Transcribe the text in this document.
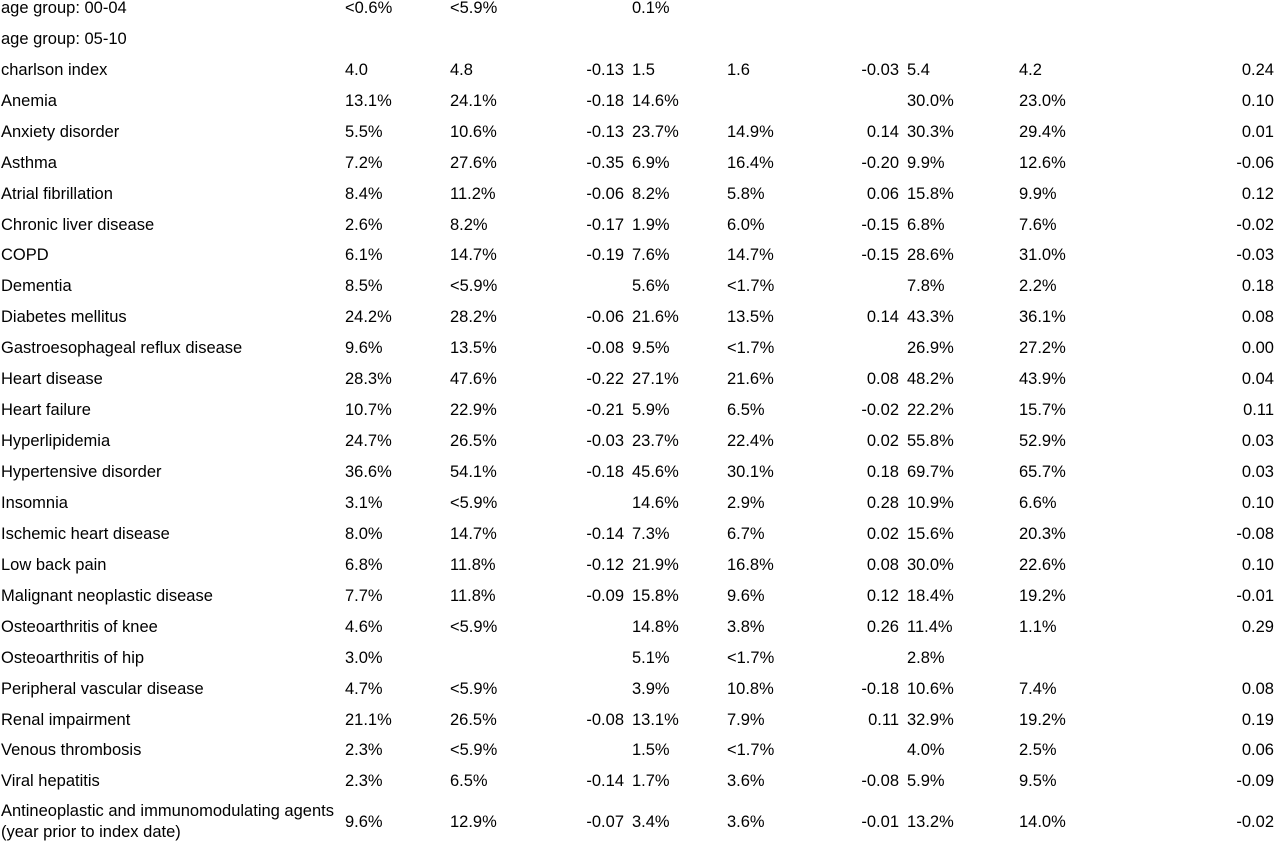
age group: 00-04	<0.6%	<5.9%		0.1%					
age group: 05-10									
charlson index	4.0	4.8	-0.13	1.5	1.6	-0.03	5.4	4.2	0.24
Anemia	13.1%	24.1%	-0.18	14.6%			30.0%	23.0%	0.10
Anxiety disorder	5.5%	10.6%	-0.13	23.7%	14.9%	0.14	30.3%	29.4%	0.01
Asthma	7.2%	27.6%	-0.35	6.9%	16.4%	-0.20	9.9%	12.6%	-0.06
Atrial fibrillation	8.4%	11.2%	-0.06	8.2%	5.8%	0.06	15.8%	9.9%	0.12
Chronic liver disease	2.6%	8.2%	-0.17	1.9%	6.0%	-0.15	6.8%	7.6%	-0.02
COPD	6.1%	14.7%	-0.19	7.6%	14.7%	-0.15	28.6%	31.0%	-0.03
Dementia	8.5%	<5.9%		5.6%	<1.7%		7.8%	2.2%	0.18
Diabetes mellitus	24.2%	28.2%	-0.06	21.6%	13.5%	0.14	43.3%	36.1%	0.08
Gastroesophageal reflux disease	9.6%	13.5%	-0.08	9.5%	<1.7%		26.9%	27.2%	0.00
Heart disease	28.3%	47.6%	-0.22	27.1%	21.6%	0.08	48.2%	43.9%	0.04
Heart failure	10.7%	22.9%	-0.21	5.9%	6.5%	-0.02	22.2%	15.7%	0.11
Hyperlipidemia	24.7%	26.5%	-0.03	23.7%	22.4%	0.02	55.8%	52.9%	0.03
Hypertensive disorder	36.6%	54.1%	-0.18	45.6%	30.1%	0.18	69.7%	65.7%	0.03
Insomnia	3.1%	<5.9%		14.6%	2.9%	0.28	10.9%	6.6%	0.10
Ischemic heart disease	8.0%	14.7%	-0.14	7.3%	6.7%	0.02	15.6%	20.3%	-0.08
Low back pain	6.8%	11.8%	-0.12	21.9%	16.8%	0.08	30.0%	22.6%	0.10
Malignant neoplastic disease	7.7%	11.8%	-0.09	15.8%	9.6%	0.12	18.4%	19.2%	-0.01
Osteoarthritis of knee	4.6%	<5.9%		14.8%	3.8%	0.26	11.4%	1.1%	0.29
Osteoarthritis of hip	3.0%			5.1%	<1.7%		2.8%		
Peripheral vascular disease	4.7%	<5.9%		3.9%	10.8%	-0.18	10.6%	7.4%	0.08
Renal impairment	21.1%	26.5%	-0.08	13.1%	7.9%	0.11	32.9%	19.2%	0.19
Venous thrombosis	2.3%	<5.9%		1.5%	<1.7%		4.0%	2.5%	0.06
Viral hepatitis	2.3%	6.5%	-0.14	1.7%	3.6%	-0.08	5.9%	9.5%	-0.09
Antineoplastic and immunomodulating agents (year prior to index date)	9.6%	12.9%	-0.07	3.4%	3.6%	-0.01	13.2%	14.0%	-0.02
